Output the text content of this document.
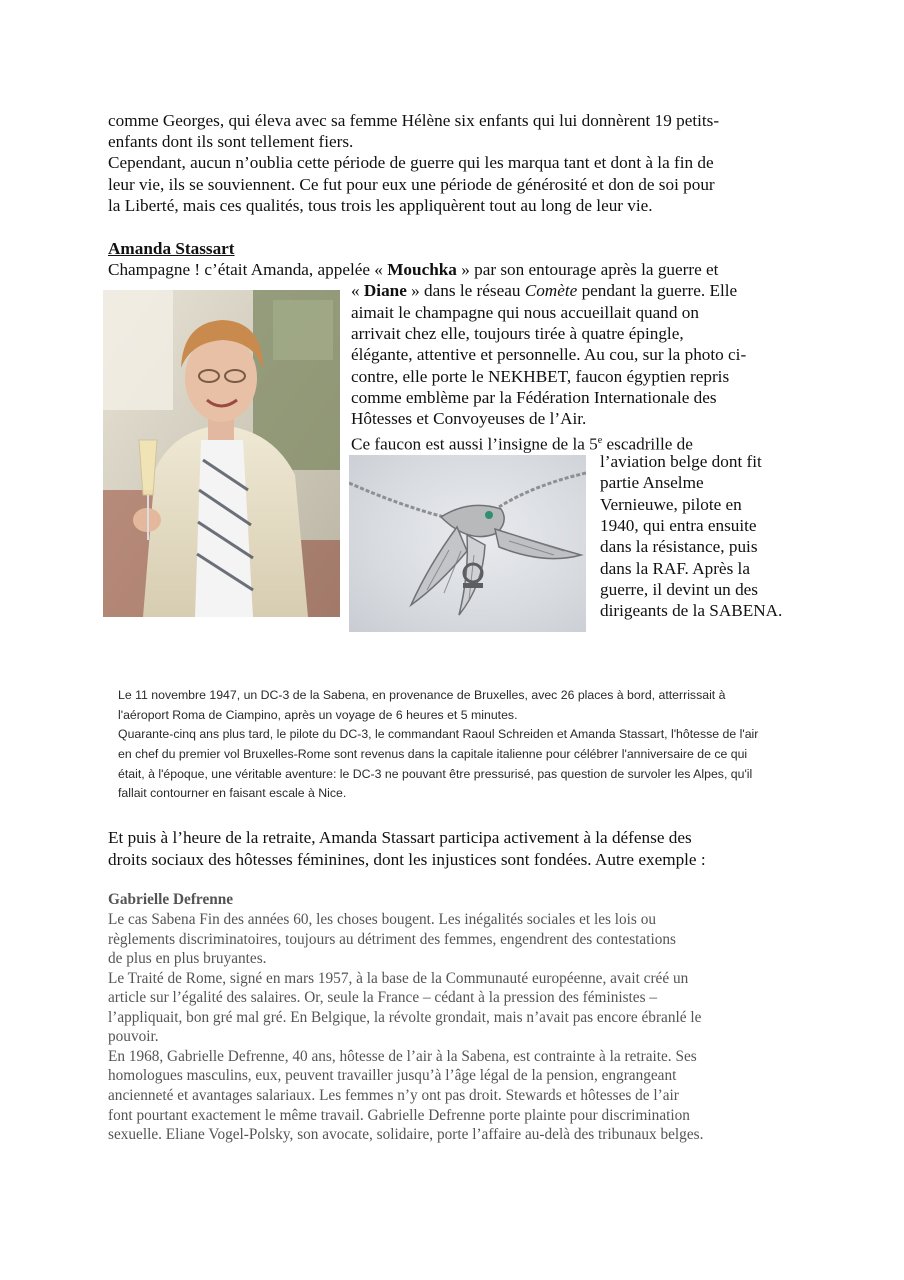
comme Georges, qui éleva avec sa femme Hélène six enfants qui lui donnèrent 19 petits-

enfants dont ils sont tellement fiers.

Cependant, aucun n’oublia cette période de guerre qui les marqua tant et dont à la fin de

leur vie, ils se souviennent. Ce fut pour eux une période de générosité et don de soi pour

la Liberté, mais ces qualités, tous trois les appliquèrent tout au long de leur vie.

Amanda Stassart

Champagne ! c’était Amanda, appelée « Mouchka » par son entourage après la guerre et

« Diane » dans le réseau Comète pendant la guerre. Elle

aimait le champagne qui nous accueillait quand on

arrivait chez elle, toujours tirée à quatre épingle,

élégante, attentive et personnelle. Au cou, sur la photo ci-

contre, elle porte le NEKHBET, faucon égyptien repris

comme emblème par la Fédération Internationale des

Hôtesses et Convoyeuses de l’Air.

Ce faucon est aussi l’insigne de la 5e escadrille de

l’aviation belge dont fit

partie Anselme

Vernieuwe, pilote en

1940, qui entra ensuite

dans la résistance, puis

dans la RAF. Après la

guerre, il devint un des

dirigeants de la SABENA.

Le 11 novembre 1947, un DC-3 de la Sabena, en provenance de Bruxelles, avec 26 places à bord, atterrissait à

l'aéroport Roma de Ciampino, après un voyage de 6 heures et 5 minutes.

Quarante-cinq ans plus tard, le pilote du DC-3, le commandant Raoul Schreiden et Amanda Stassart, l'hôtesse de l'air

en chef du premier vol Bruxelles-Rome sont revenus dans la capitale italienne pour célébrer l'anniversaire de ce qui

était, à l'époque, une véritable aventure: le DC-3 ne pouvant être pressurisé, pas question de survoler les Alpes, qu'il

fallait contourner en faisant escale à Nice.

Et puis à l’heure de la retraite, Amanda Stassart participa activement à la défense des

droits sociaux des hôtesses féminines, dont les injustices sont fondées. Autre exemple :

Gabrielle Defrenne

Le cas Sabena Fin des années 60, les choses bougent. Les inégalités sociales et les lois ou

règlements discriminatoires, toujours au détriment des femmes, engendrent des contestations

de plus en plus bruyantes.

Le Traité de Rome, signé en mars 1957, à la base de la Communauté européenne, avait créé un

article sur l’égalité des salaires. Or, seule la France – cédant à la pression des féministes –

l’appliquait, bon gré mal gré. En Belgique, la révolte grondait, mais n’avait pas encore ébranlé le

pouvoir.

En 1968, Gabrielle Defrenne, 40 ans, hôtesse de l’air à la Sabena, est contrainte à la retraite. Ses

homologues masculins, eux, peuvent travailler jusqu’à l’âge légal de la pension, engrangeant

ancienneté et avantages salariaux. Les femmes n’y ont pas droit. Stewards et hôtesses de l’air

font pourtant exactement le même travail. Gabrielle Defrenne porte plainte pour discrimination

sexuelle. Eliane Vogel-Polsky, son avocate, solidaire, porte l’affaire au-delà des tribunaux belges.
